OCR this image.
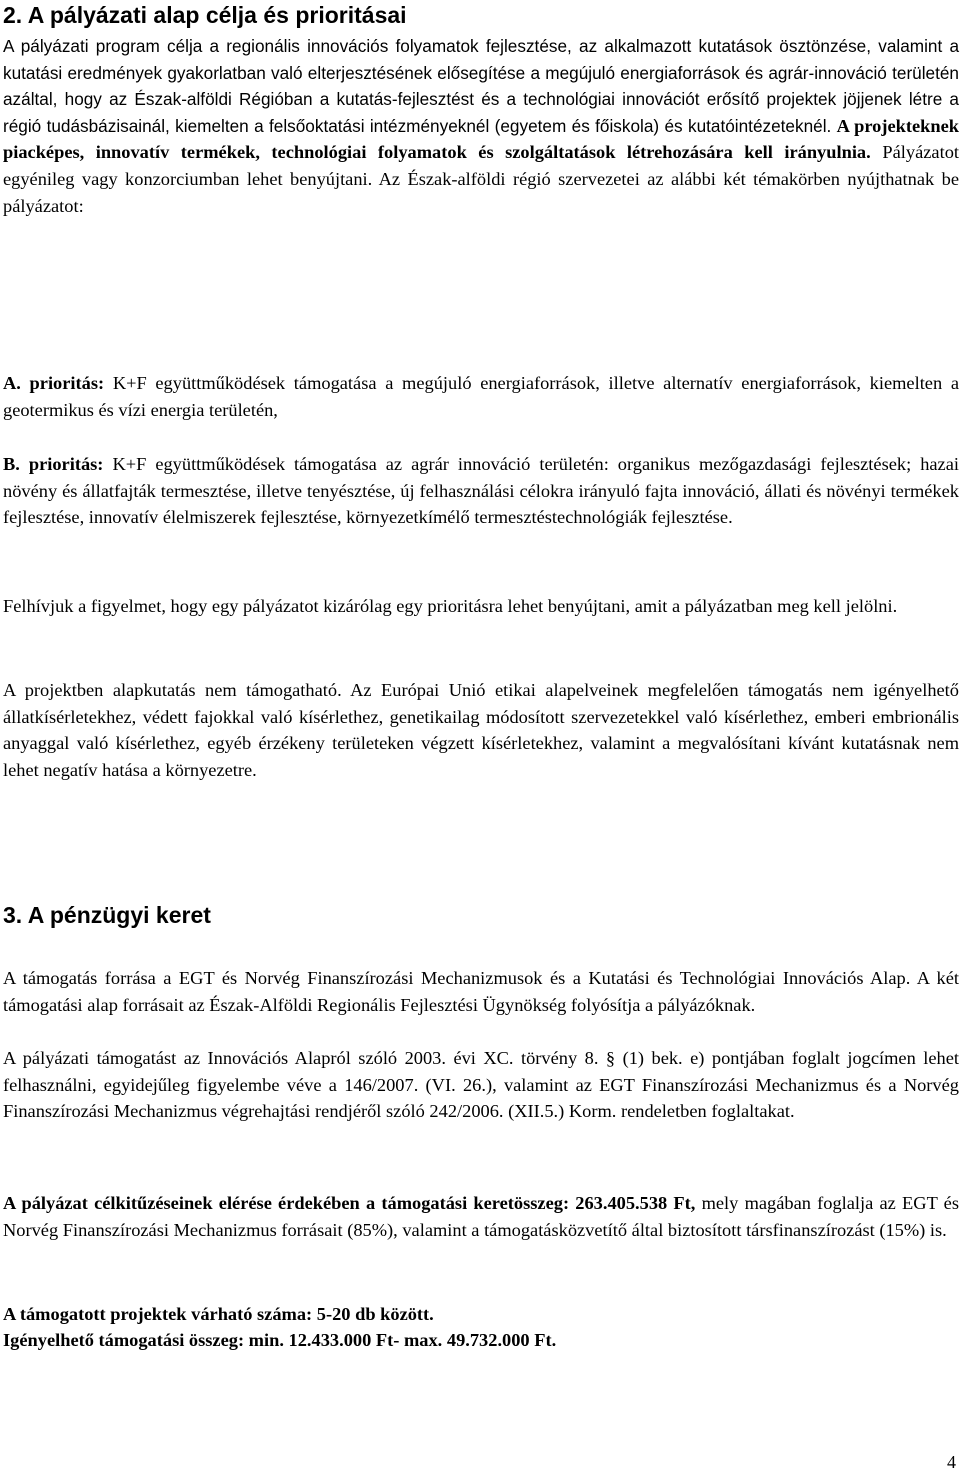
2. A pályázati alap céljа és prioritásai

A pályázati program célja a regionális innovációs folyamatok fejlesztése, az alkalmazott kutatások ösztönzése, valamint a kutatási eredmények gyakorlatban való elterjesztésének elősegítése a megújuló energiaforrások és agrár-innováció területén azáltal, hogy az Észak-alföldi Régióban a kutatás-fejlesztést és a technológiai innovációt erősítő projektek jöjjenek létre a régió tudásbázisainál, kiemelten a felsőoktatási intézményeknél (egyetem és főiskola) és kutatóintézeteknél. A projekteknek piacképes, innovatív termékek, technológiai folyamatok és szolgáltatások létrehozására kell irányulnia. Pályázatot egyénileg vagy konzorciumban lehet benyújtani. Az Észak-alföldi régió szervezetei az alábbi két témakörben nyújthatnak be pályázatot:

A. prioritás: K+F együttműködések támogatása a megújuló energiaforrások, illetve alternatív energiaforrások, kiemelten a geotermikus és vízi energia területén,

B. prioritás: K+F együttműködések támogatása az agrár innováció területén: organikus mezőgazdasági fejlesztések; hazai növény és állatfajták termesztése, illetve tenyésztése, új felhasználási célokra irányuló fajta innováció, állati és növényi termékek fejlesztése, innovatív élelmiszerek fejlesztése, környezetkímélő termesztéstechnológiák fejlesztése.

Felhívjuk a figyelmet, hogy egy pályázatot kizárólag egy prioritásra lehet benyújtani, amit a pályázatban meg kell jelölni.

A projektben alapkutatás nem támogatható. Az Európai Unió etikai alapelveinek megfelelően támogatás nem igényelhető állatkísérletekhez, védett fajokkal való kísérlethez, genetikailag módosított szervezetekkel való kísérlethez, emberi embrionális anyaggal való kísérlethez, egyéb érzékeny területeken végzett kísérletekhez, valamint a megvalósítani kívánt kutatásnak nem lehet negatív hatása a környezetre.

3. A pénzügyi keret

A támogatás forrása a EGT és Norvég Finanszírozási Mechanizmusok és a Kutatási és Technológiai Innovációs Alap. A két támogatási alap forrásait az Észak-Alföldi Regionális Fejlesztési Ügynökség folyósítja a pályázóknak.

A pályázati támogatást az Innovációs Alapról szóló 2003. évi XC. törvény 8. § (1) bek. e) pontjában foglalt jogcímen lehet felhasználni, egyidejűleg figyelembe véve a 146/2007. (VI. 26.), valamint az EGT Finanszírozási Mechanizmus és a Norvég Finanszírozási Mechanizmus végrehajtási rendjéről szóló 242/2006. (XII.5.) Korm. rendeletben foglaltakat.

A pályázat célkitűzéseinek elérése érdekében a támogatási keretösszeg: 263.405.538 Ft, mely magában foglalja az EGT és Norvég Finanszírozási Mechanizmus forrásait (85%), valamint a támogatásközvetítő által biztosított társfinanszírozást (15%) is.

A támogatott projektek várható száma: 5-20 db között.

Igényelhető támogatási összeg: min. 12.433.000 Ft- max. 49.732.000 Ft.

4
